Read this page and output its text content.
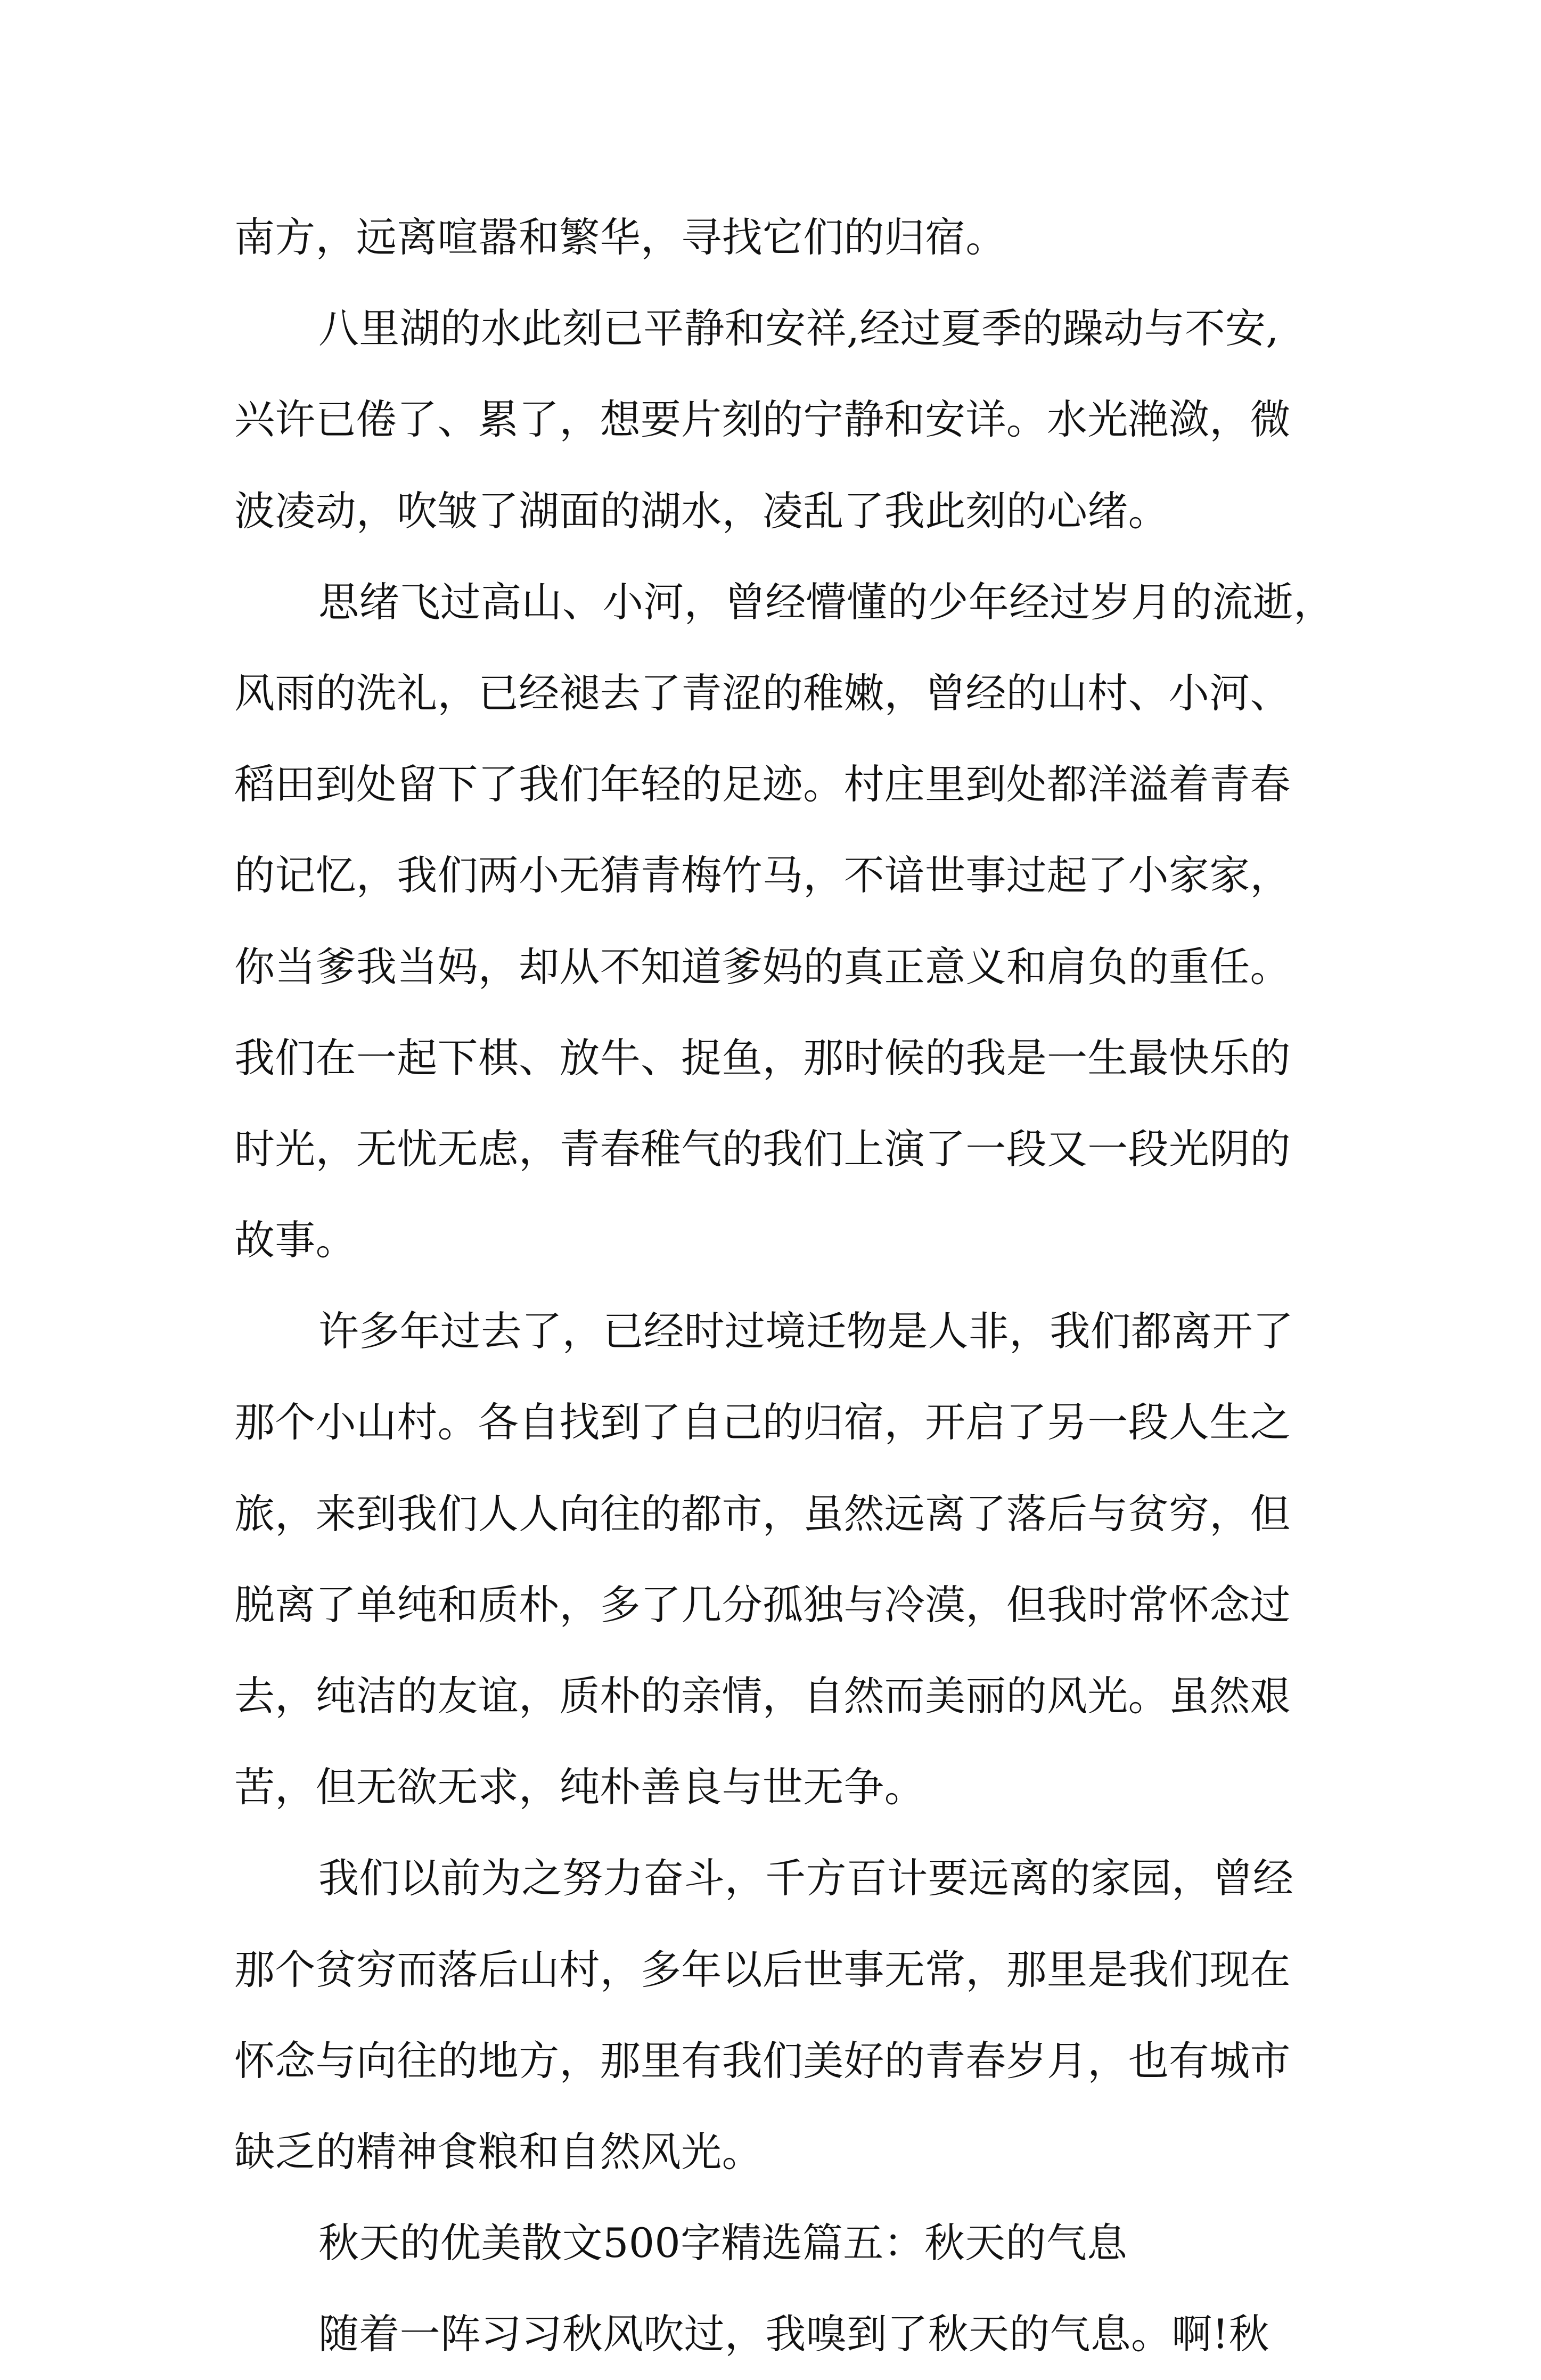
南方，远离喧嚣和繁华，寻找它们的归宿。
八里湖的水此刻已平静和安祥,经过夏季的躁动与不安,
兴许已倦了、累了，想要片刻的宁静和安详。水光滟潋，微
波凌动，吹皱了湖面的湖水，凌乱了我此刻的心绪。
思绪飞过高山、小河，曾经懵懂的少年经过岁月的流逝，
风雨的洗礼，已经褪去了青涩的稚嫩，曾经的山村、小河、
稻田到处留下了我们年轻的足迹。村庄里到处都洋溢着青春
的记忆，我们两小无猜青梅竹马，不谙世事过起了小家家，
你当爹我当妈，却从不知道爹妈的真正意义和肩负的重任。
我们在一起下棋、放牛、捉鱼，那时候的我是一生最快乐的
时光，无忧无虑，青春稚气的我们上演了一段又一段光阴的
故事。
许多年过去了，已经时过境迁物是人非，我们都离开了
那个小山村。各自找到了自己的归宿，开启了另一段人生之
旅，来到我们人人向往的都市，虽然远离了落后与贫穷，但
脱离了单纯和质朴，多了几分孤独与冷漠，但我时常怀念过
去，纯洁的友谊，质朴的亲情，自然而美丽的风光。虽然艰
苦，但无欲无求，纯朴善良与世无争。
我们以前为之努力奋斗，千方百计要远离的家园，曾经
那个贫穷而落后山村，多年以后世事无常，那里是我们现在
怀念与向往的地方，那里有我们美好的青春岁月，也有城市
缺乏的精神食粮和自然风光。
秋天的优美散文500字精选篇五：秋天的气息
随着一阵习习秋风吹过，我嗅到了秋天的气息。啊!秋
